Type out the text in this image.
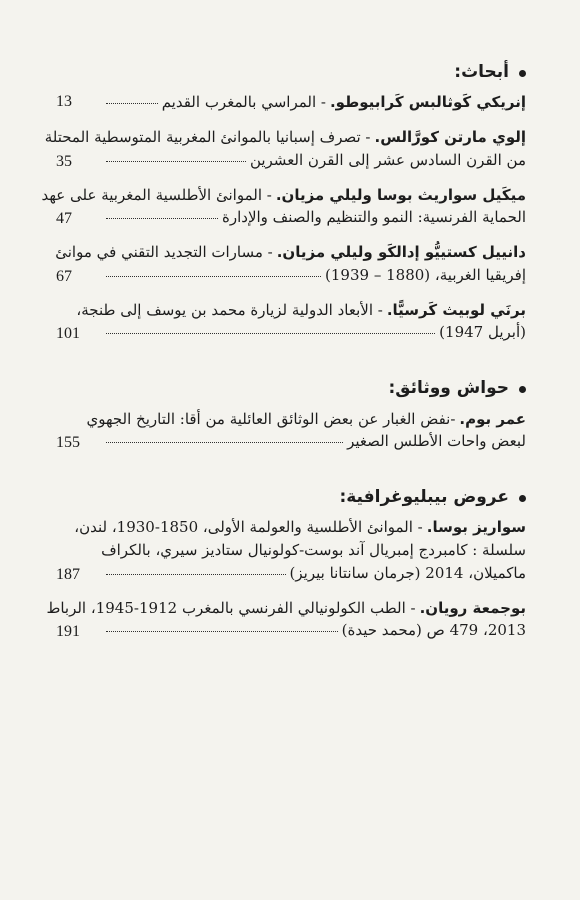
أبحاث:
إنريكي كَوثالبس كَرابيوطو.
- المراسي بالمغرب القديم
13
إلوي مارتن كورَّالس.
- تصرف إسبانيا بالموانئ المغربية المتوسطية المحتلة
من القرن السادس عشر إلى القرن العشرين
35
ميكَيل سواريث بوسا وليلي مزيان.
- الموانئ الأطلسية المغربية على عهد
الحماية الفرنسية: النمو والتنظيم والصنف والإدارة
47
دانييل كستييُّو إدالكَو وليلي مزيان.
- مسارات التجديد التقني في موانئ
إفريقيا الغربية، (1880 – 1939)
67
برنَي لوبيث كَرسيًّا.
- الأبعاد الدولية لزيارة محمد بن يوسف إلى طنجة،
(أبريل 1947)
101
حواش ووثائق:
عمر بوم.
-نفض الغبار عن بعض الوثائق العائلية من أقا: التاريخ الجهوي
لبعض واحات الأطلس الصغير
155
عروض بيبليوغرافية:
سواريز بوسا.
- الموانئ الأطلسية والعولمة الأولى، 1850-1930، لندن،
سلسلة : كامبردج إمبريال آند بوست-كولونيال ستاديز سيري، بالكراف
ماكميلان، 2014 (جرمان سانتانا بيريز)
187
بوجمعة رويان.
- الطب الكولونيالي الفرنسي بالمغرب 1912-1945، الرباط
2013، 479 ص (محمد حيدة)
191
